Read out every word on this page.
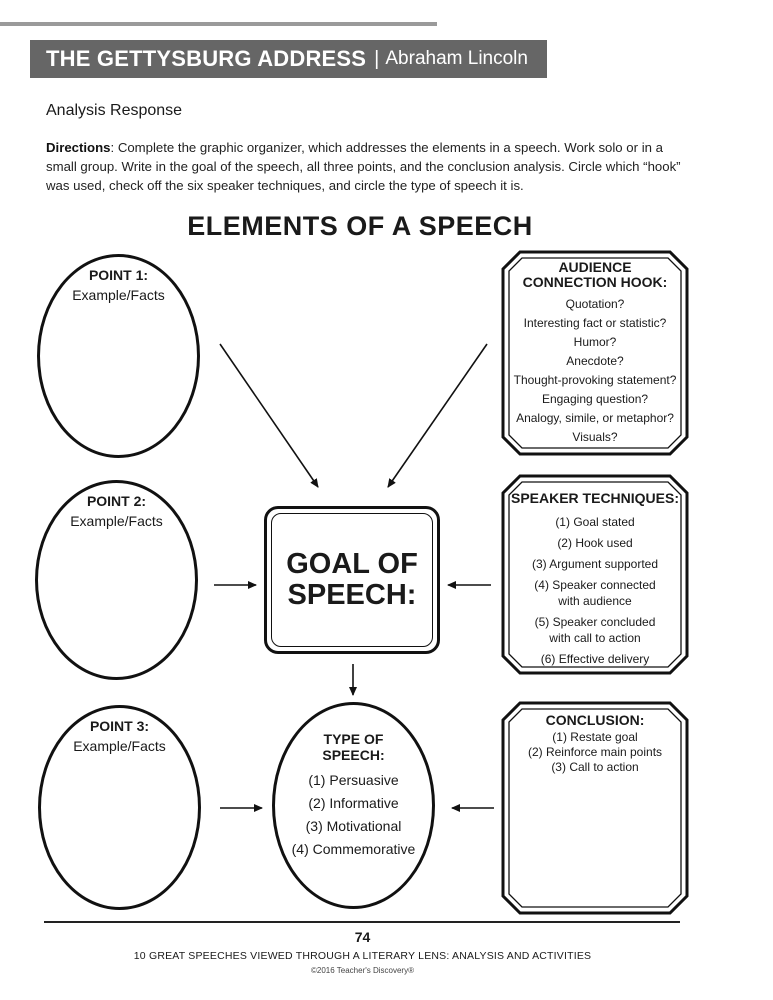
THE GETTYSBURG ADDRESS | Abraham Lincoln
Analysis Response
Directions: Complete the graphic organizer, which addresses the elements in a speech. Work solo or in a small group. Write in the goal of the speech, all three points, and the conclusion analysis. Circle which “hook” was used, check off the six speaker techniques, and circle the type of speech it is.
ELEMENTS OF A SPEECH
POINT 1:
Example/Facts
POINT 2:
Example/Facts
POINT 3:
Example/Facts
GOAL OF
SPEECH:
TYPE OF
SPEECH:
(1) Persuasive
(2) Informative
(3) Motivational
(4) Commemorative
AUDIENCE
CONNECTION HOOK:
Quotation?
Interesting fact or statistic?
Humor?
Anecdote?
Thought-provoking statement?
Engaging question?
Analogy, simile, or metaphor?
Visuals?
SPEAKER TECHNIQUES:
(1) Goal stated
(2) Hook used
(3) Argument supported
(4) Speaker connected
with audience
(5) Speaker concluded
with call to action
(6) Effective delivery
CONCLUSION:
(1) Restate goal
(2) Reinforce main points
(3) Call to action
74
10 GREAT SPEECHES VIEWED THROUGH A LITERARY LENS: ANALYSIS AND ACTIVITIES
©2016 Teacher's Discovery®
